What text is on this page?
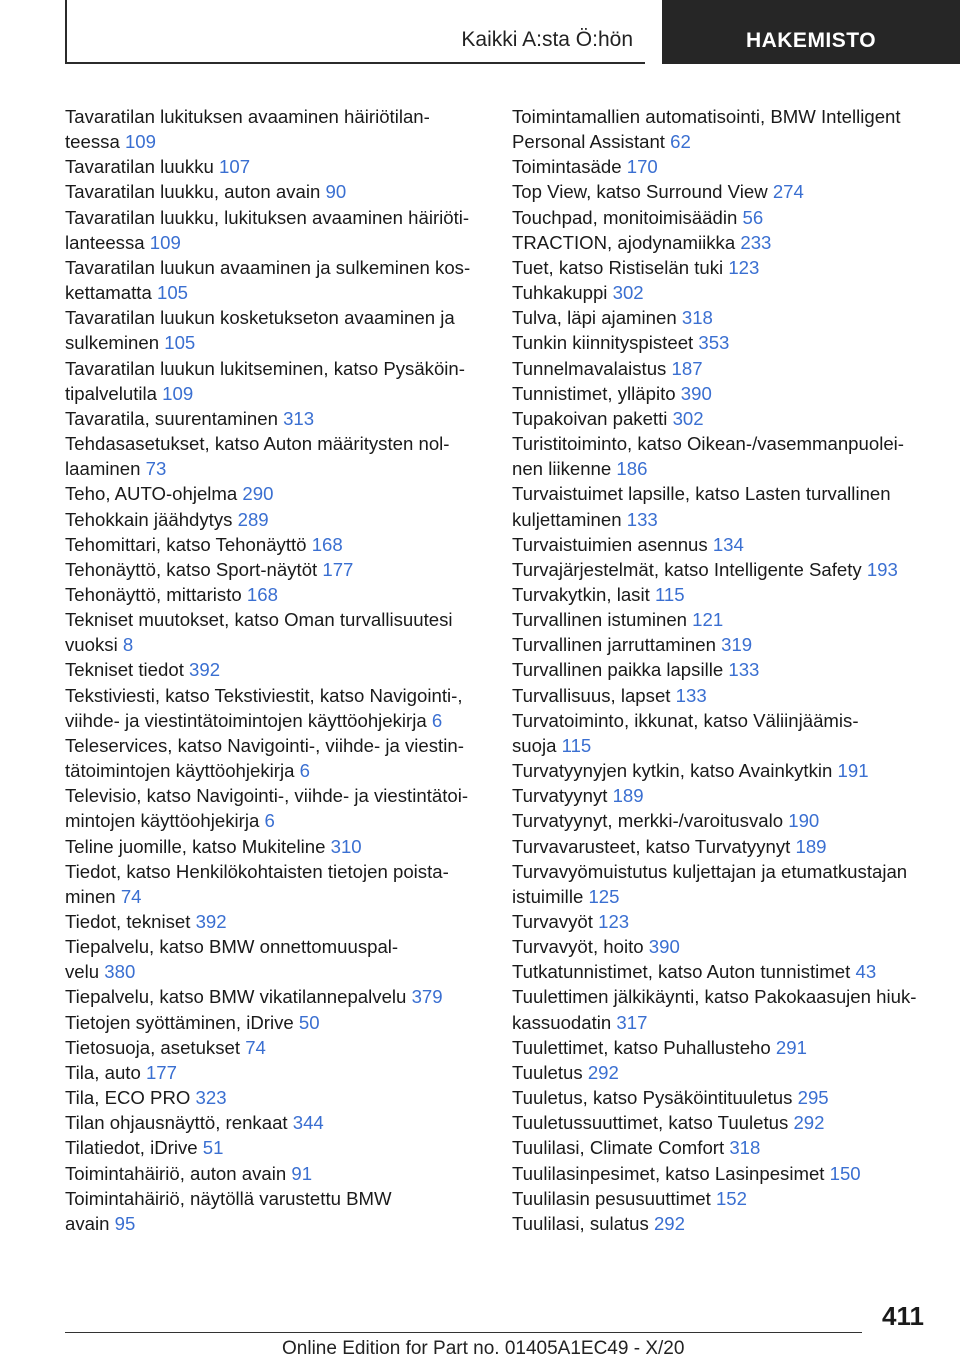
Kaikki A:sta Ö:hön	HAKEMISTO
Tavaratilan lukituksen avaaminen häiriötilan-
teessa 109
Tavaratilan luukku 107
Tavaratilan luukku, auton avain 90
Tavaratilan luukku, lukituksen avaaminen häiriöti-
lanteessa 109
Tavaratilan luukun avaaminen ja sulkeminen kos-
kettamatta 105
Tavaratilan luukun kosketukseton avaaminen ja
sulkeminen 105
Tavaratilan luukun lukitseminen, katso Pysäköin-
tipalvelutila 109
Tavaratila, suurentaminen 313
Tehdasasetukset, katso Auton määritysten nol-
laaminen 73
Teho, AUTO-ohjelma 290
Tehokkain jäähdytys 289
Tehomittari, katso Tehonäyttö 168
Tehonäyttö, katso Sport-näytöt 177
Tehonäyttö, mittaristo 168
Tekniset muutokset, katso Oman turvallisuutesi
vuoksi 8
Tekniset tiedot 392
Tekstiviesti, katso Tekstiviestit, katso Navigointi-,
viihde- ja viestintätoimintojen käyttöohjekirja 6
Teleservices, katso Navigointi-, viihde- ja viestin-
tätoimintojen käyttöohjekirja 6
Televisio, katso Navigointi-, viihde- ja viestintätoi-
mintojen käyttöohjekirja 6
Teline juomille, katso Mukiteline 310
Tiedot, katso Henkilökohtaisten tietojen poista-
minen 74
Tiedot, tekniset 392
Tiepalvelu, katso BMW onnettomuuspal-
velu 380
Tiepalvelu, katso BMW vikatilannepalvelu 379
Tietojen syöttäminen, iDrive 50
Tietosuoja, asetukset 74
Tila, auto 177
Tila, ECO PRO 323
Tilan ohjausnäyttö, renkaat 344
Tilatiedot, iDrive 51
Toimintahäiriö, auton avain 91
Toimintahäiriö, näytöllä varustettu BMW
avain 95
Toimintamallien automatisointi, BMW Intelligent
Personal Assistant 62
Toimintasäde 170
Top View, katso Surround View 274
Touchpad, monitoimisäädin 56
TRACTION, ajodynamiikka 233
Tuet, katso Ristiselän tuki 123
Tuhkakuppi 302
Tulva, läpi ajaminen 318
Tunkin kiinnityspisteet 353
Tunnelmavalaistus 187
Tunnistimet, ylläpito 390
Tupakoivan paketti 302
Turistitoiminto, katso Oikean-/vasemmanpuolei-
nen liikenne 186
Turvaistuimet lapsille, katso Lasten turvallinen
kuljettaminen 133
Turvaistuimien asennus 134
Turvajärjestelmät, katso Intelligente Safety 193
Turvakytkin, lasit 115
Turvallinen istuminen 121
Turvallinen jarruttaminen 319
Turvallinen paikka lapsille 133
Turvallisuus, lapset 133
Turvatoiminto, ikkunat, katso Väliinjäämis-
suoja 115
Turvatyynyjen kytkin, katso Avainkytkin 191
Turvatyynyt 189
Turvatyynyt, merkki-/varoitusvalo 190
Turvavarusteet, katso Turvatyynyt 189
Turvavyömuistutus kuljettajan ja etumatkustajan
istuimille 125
Turvavyöt 123
Turvavyöt, hoito 390
Tutkatunnistimet, katso Auton tunnistimet 43
Tuulettimen jälkikäynti, katso Pakokaasujen hiuk-
kassuodatin 317
Tuulettimet, katso Puhallusteho 291
Tuuletus 292
Tuuletus, katso Pysäköintituuletus 295
Tuuletussuuttimet, katso Tuuletus 292
Tuulilasi, Climate Comfort 318
Tuulilasinpesimet, katso Lasinpesimet 150
Tuulilasin pesusuuttimet 152
Tuulilasi, sulatus 292
411
Online Edition for Part no. 01405A1EC49 - X/20
